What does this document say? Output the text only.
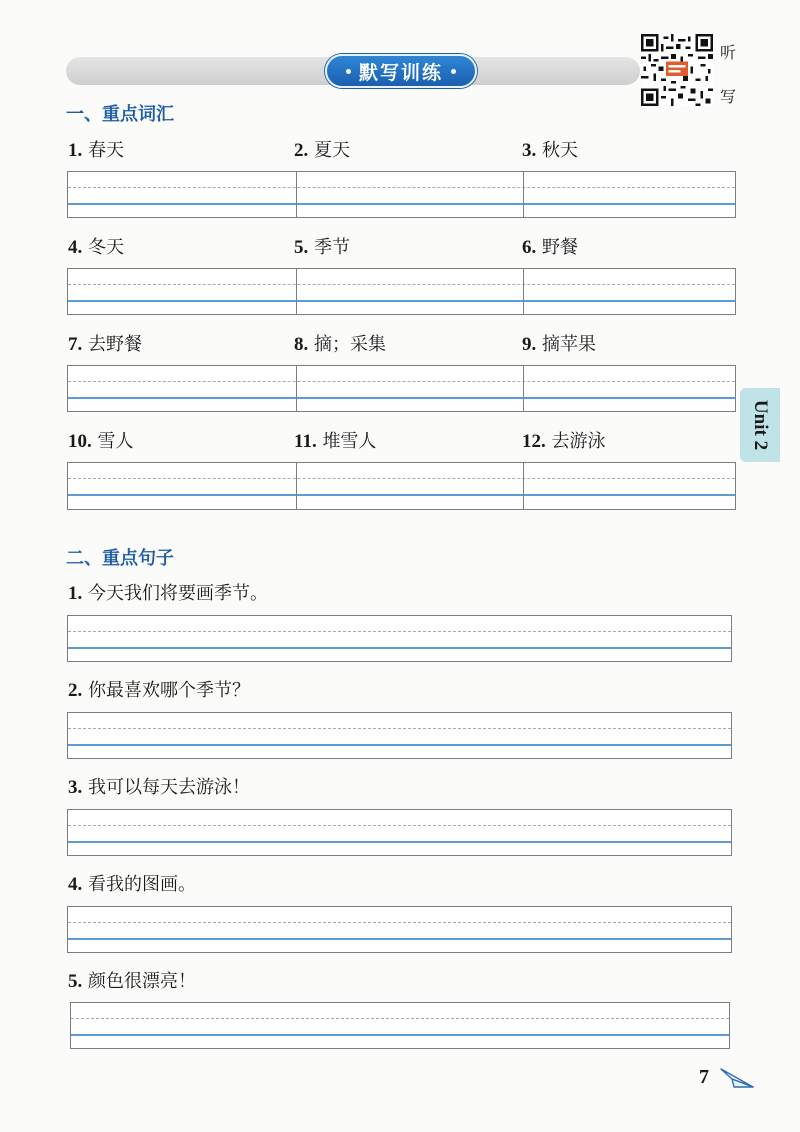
默写训练
听
写
一、重点词汇
1. 春天	2. 夏天	3. 秋天
4. 冬天	5. 季节	6. 野餐
7. 去野餐	8. 摘；采集	9. 摘苹果
10. 雪人	11. 堆雪人	12. 去游泳	Unit 2
二、重点句子
1. 今天我们将要画季节。
2. 你最喜欢哪个季节？
3. 我可以每天去游泳！
4. 看我的图画。
5. 颜色很漂亮！
7
